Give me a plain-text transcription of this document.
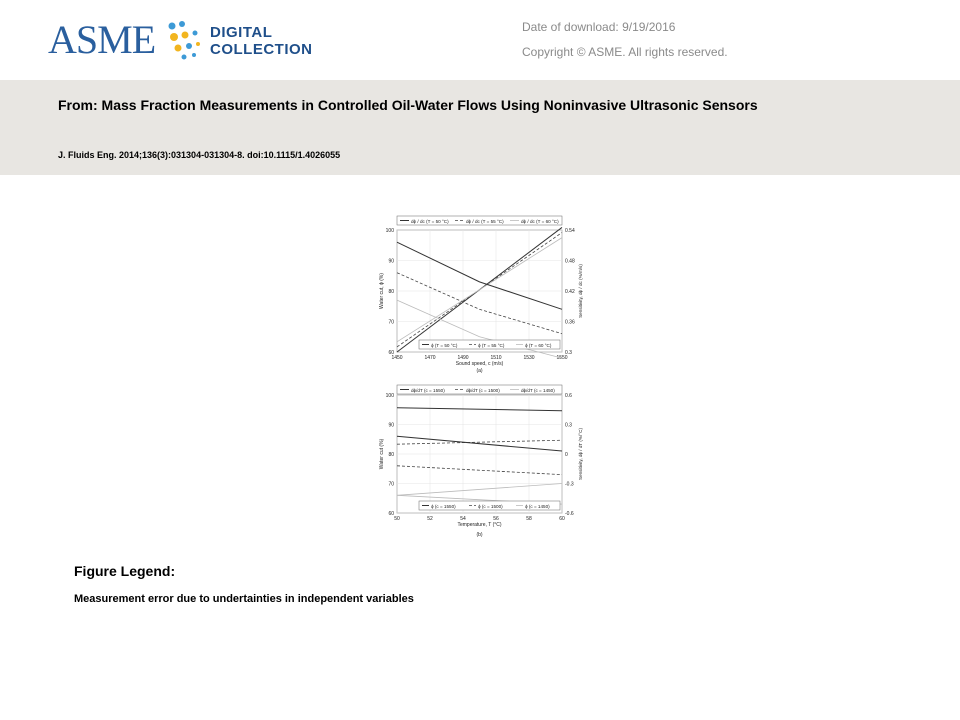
ASME	DIGITAL
COLLECTION
Date of download: 9/19/2016
Copyright © ASME. All rights reserved.
From: Mass Fraction Measurements in Controlled Oil-Water Flows Using Noninvasive Ultrasonic Sensors
J. Fluids Eng. 2014;136(3):031304-031304-8. doi:10.1115/1.4026055
dϕ / dc (T = 50 °C)	dϕ / dc (T = 55 °C)	dϕ / dc (T = 60 °C)
1450	1470	1490	1510	1530	1550
60
70
80
90
100
0.3
0.36
0.42
0.48
0.54
ϕ (T = 50 °C)	ϕ (T = 55 °C)	ϕ (T = 60 °C)
Sound speed, c (m/s)
Water cut, ϕ (%)	Sensitivity, dϕ / dc (%/m/s)
(a)
dϕ/dT (c = 1550)	dϕ/dT (c = 1500)	dϕ/dT (c = 1450)
50	52	54	56	58	60
60
70
80
90
100
-0.6
-0.3
0
0.3
0.6
ϕ (c = 1550)	ϕ (c = 1500)	ϕ (c = 1450)
Temperature, T (°C)
Water cut (%)	Sensitivity, dϕ / dT (%/°C)
(b)
Figure Legend:
Measurement error due to undertainties in independent variables
